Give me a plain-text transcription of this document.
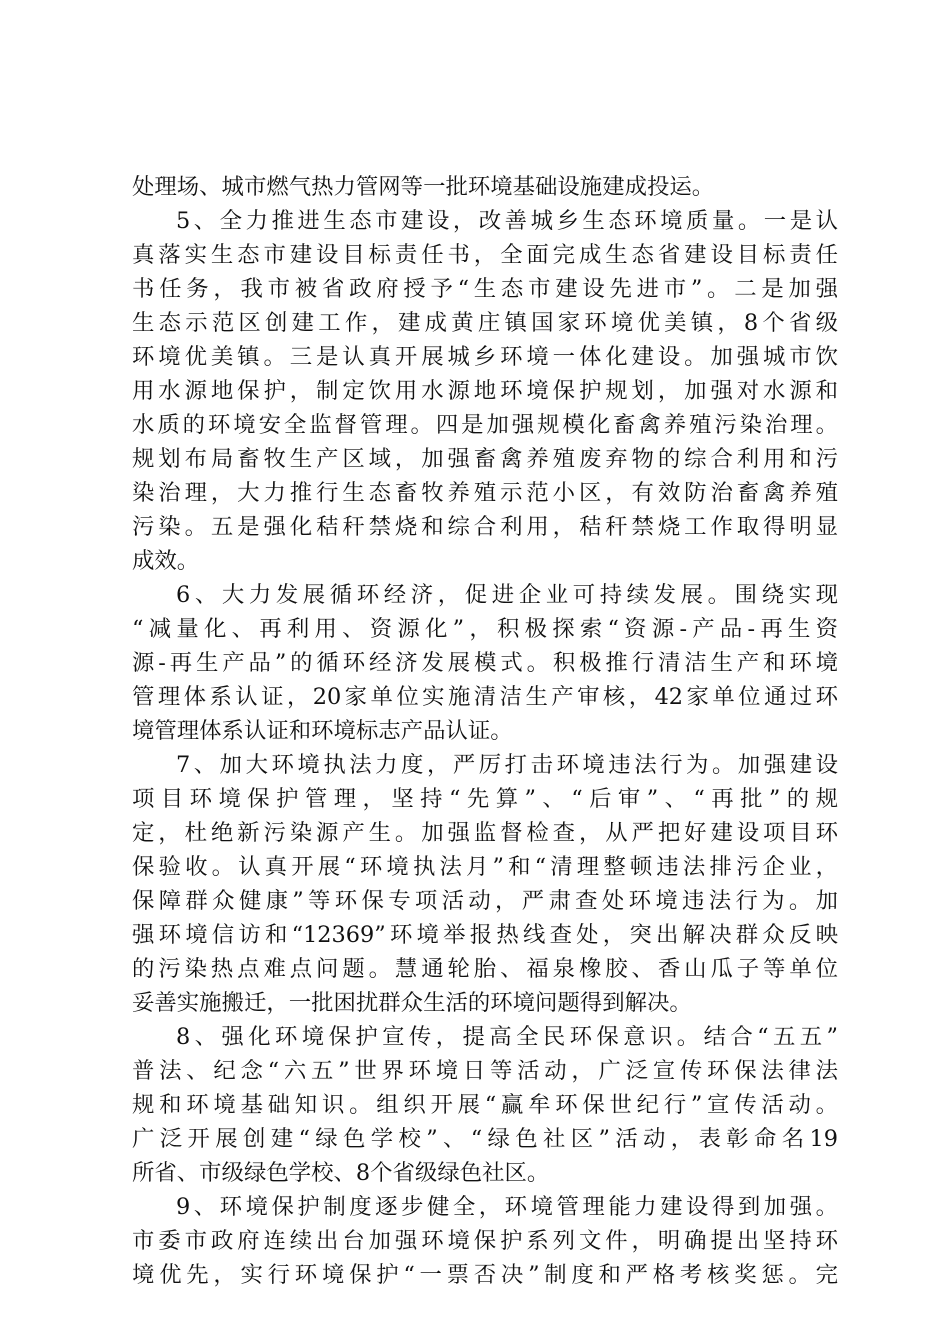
处理场、城市燃气热力管网等一批环境基础设施建成投运。
5、全力推进生态市建设，改善城乡生态环境质量。一是认
真落实生态市建设目标责任书，全面完成生态省建设目标责任
书任务，我市被省政府授予“生态市建设先进市”。二是加强
生态示范区创建工作，建成黄庄镇国家环境优美镇，8个省级
环境优美镇。三是认真开展城乡环境一体化建设。加强城市饮
用水源地保护，制定饮用水源地环境保护规划，加强对水源和
水质的环境安全监督管理。四是加强规模化畜禽养殖污染治理。
规划布局畜牧生产区域，加强畜禽养殖废弃物的综合利用和污
染治理，大力推行生态畜牧养殖示范小区，有效防治畜禽养殖
污染。五是强化秸秆禁烧和综合利用，秸秆禁烧工作取得明显
成效。
6、大力发展循环经济，促进企业可持续发展。围绕实现
“减量化、再利用、资源化”，积极探索“资源-产品-再生资
源-再生产品”的循环经济发展模式。积极推行清洁生产和环境
管理体系认证，20家单位实施清洁生产审核，42家单位通过环
境管理体系认证和环境标志产品认证。
7、加大环境执法力度，严厉打击环境违法行为。加强建设
项目环境保护管理，坚持“先算”、“后审”、“再批”的规
定，杜绝新污染源产生。加强监督检查，从严把好建设项目环
保验收。认真开展“环境执法月”和“清理整顿违法排污企业，
保障群众健康”等环保专项活动，严肃查处环境违法行为。加
强环境信访和“12369”环境举报热线查处，突出解决群众反映
的污染热点难点问题。慧通轮胎、福泉橡胶、香山瓜子等单位
妥善实施搬迁，一批困扰群众生活的环境问题得到解决。
8、强化环境保护宣传，提高全民环保意识。结合“五五”
普法、纪念“六五”世界环境日等活动，广泛宣传环保法律法
规和环境基础知识。组织开展“赢牟环保世纪行”宣传活动。
广泛开展创建“绿色学校”、“绿色社区”活动，表彰命名19
所省、市级绿色学校、8个省级绿色社区。
9、环境保护制度逐步健全，环境管理能力建设得到加强。
市委市政府连续出台加强环境保护系列文件，明确提出坚持环
境优先，实行环境保护“一票否决”制度和严格考核奖惩。完
